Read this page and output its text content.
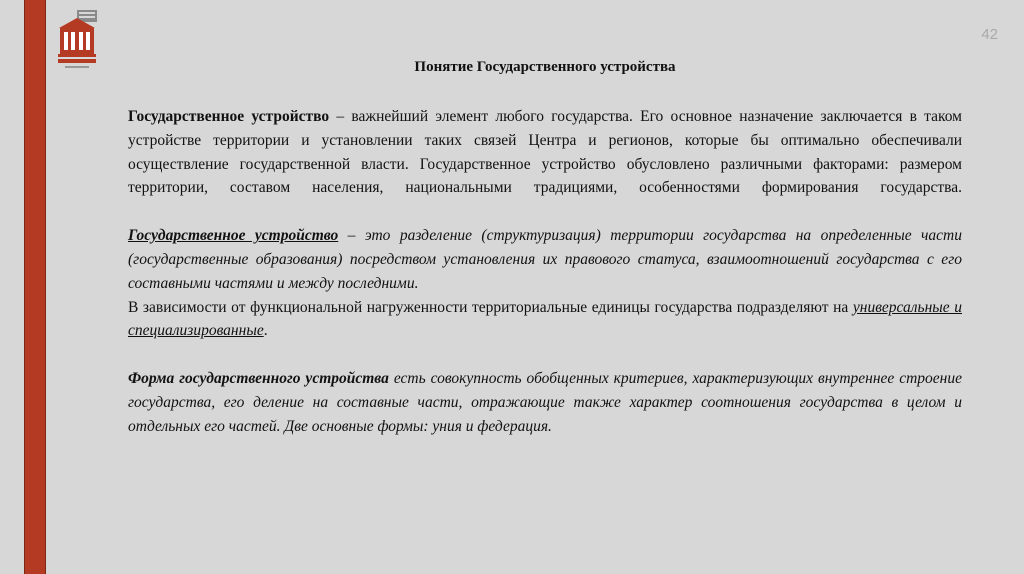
42
Понятие Государственного устройства

Государственное устройство – важнейший элемент любого государства. Его основное назначение заключается в таком устройстве территории и установлении таких связей Центра и регионов, которые бы оптимально обеспечивали осуществление государственной власти. Государственное устройство обусловлено различными факторами: размером территории, составом населения, национальными традициями, особенностями формирования государства.

Государственное устройство – это разделение (структуризация) территории государства на определенные части (государственные образования) посредством установления их правового статуса, взаимоотношений государства с его составными частями и между последними.

В зависимости от функциональной нагруженности территориальные единицы государства подразделяют на универсальные и специализированные.

Форма государственного устройства есть совокупность обобщенных критериев, характеризующих внутреннее строение государства, его деление на составные части, отражающие также характер соотношения государства в целом и отдельных его частей. Две основные формы: уния и федерация.
